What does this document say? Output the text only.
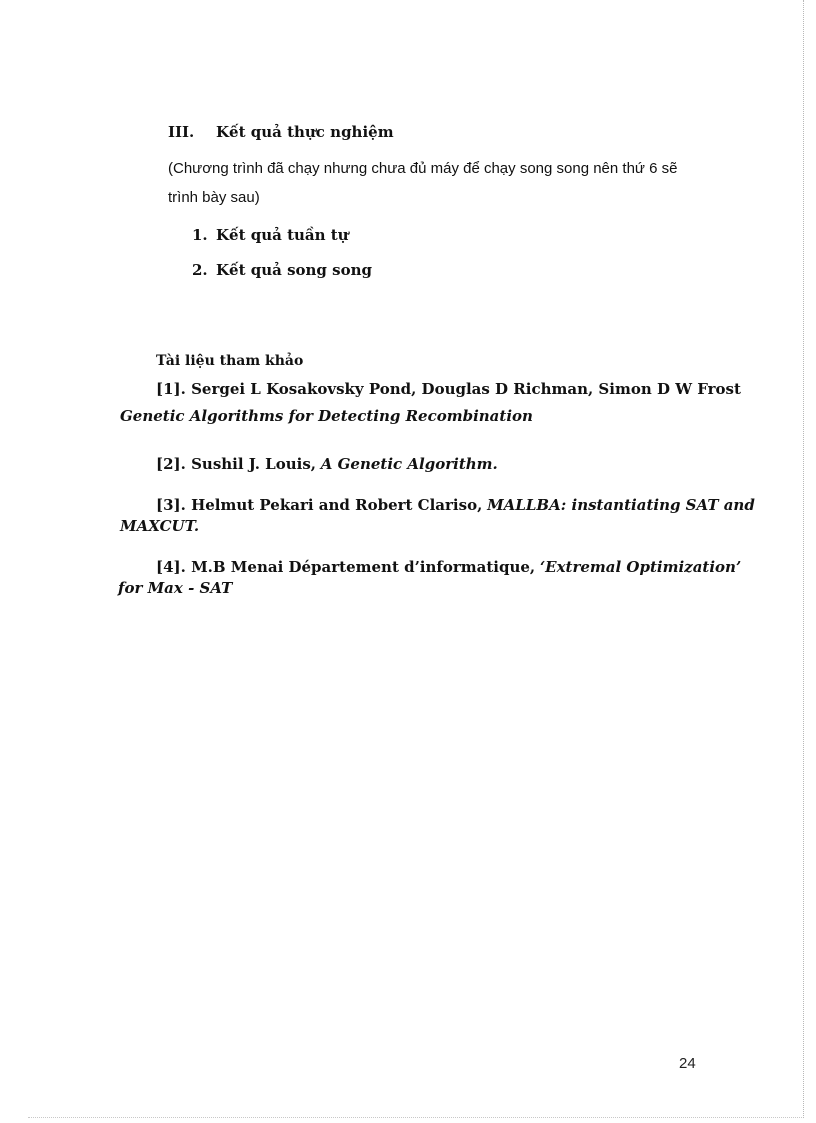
III. Kết quả thực nghiệm
(Chương trình đã chạy nhưng chưa đủ máy để chạy song song nên thứ 6 sẽ
trình bày sau)
1. Kết quả tuần tự
2. Kết quả song song
Tài liệu tham khảo
[1]. Sergei L Kosakovsky Pond, Douglas D Richman, Simon D W Frost
Genetic Algorithms for Detecting Recombination
[2]. Sushil J. Louis, A Genetic Algorithm.
[3]. Helmut Pekari and Robert Clariso, MALLBA: instantiating SAT and
MAXCUT.
[4]. M.B Menai Département d’informatique, ‘Extremal Optimization’
for Max - SAT
24
